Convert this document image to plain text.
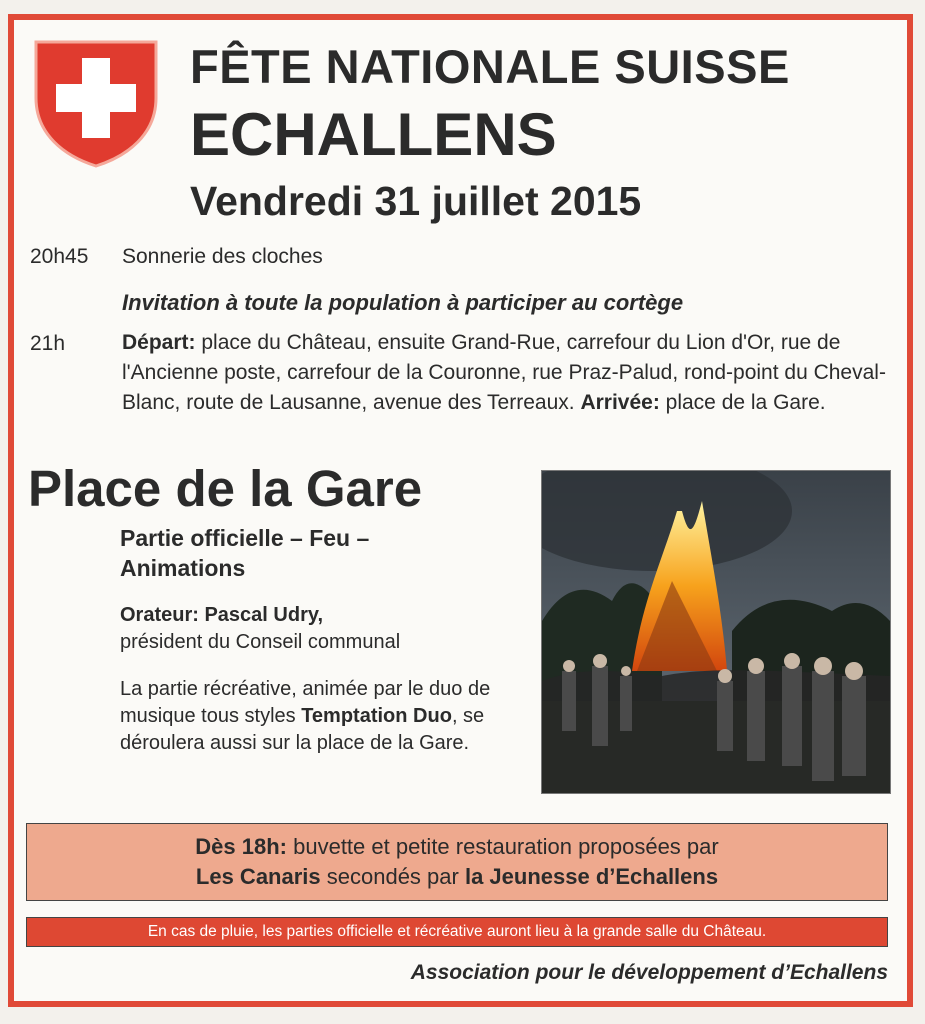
FÊTE NATIONALE SUISSE
ECHALLENS
Vendredi 31 juillet 2015
20h45 Sonnerie des cloches
Invitation à toute la population à participer au cortège
21h	Départ: place du Château, ensuite Grand-Rue, carrefour du Lion d'Or, rue de l'Ancienne poste, carrefour de la Couronne, rue Praz-Palud, rond-point du Cheval-Blanc, route de Lausanne, avenue des Terreaux. Arrivée: place de la Gare.
Place de la Gare
Partie officielle – Feu – Animations
Orateur: Pascal Udry,
président du Conseil communal
La partie récréative, animée par le duo de musique tous styles Temptation Duo, se déroulera aussi sur la place de la Gare.
Dès 18h: buvette et petite restauration proposées par
Les Canaris secondés par la Jeunesse d’Echallens
En cas de pluie, les parties officielle et récréative auront lieu à la grande salle du Château.
Association pour le développement d’Echallens
